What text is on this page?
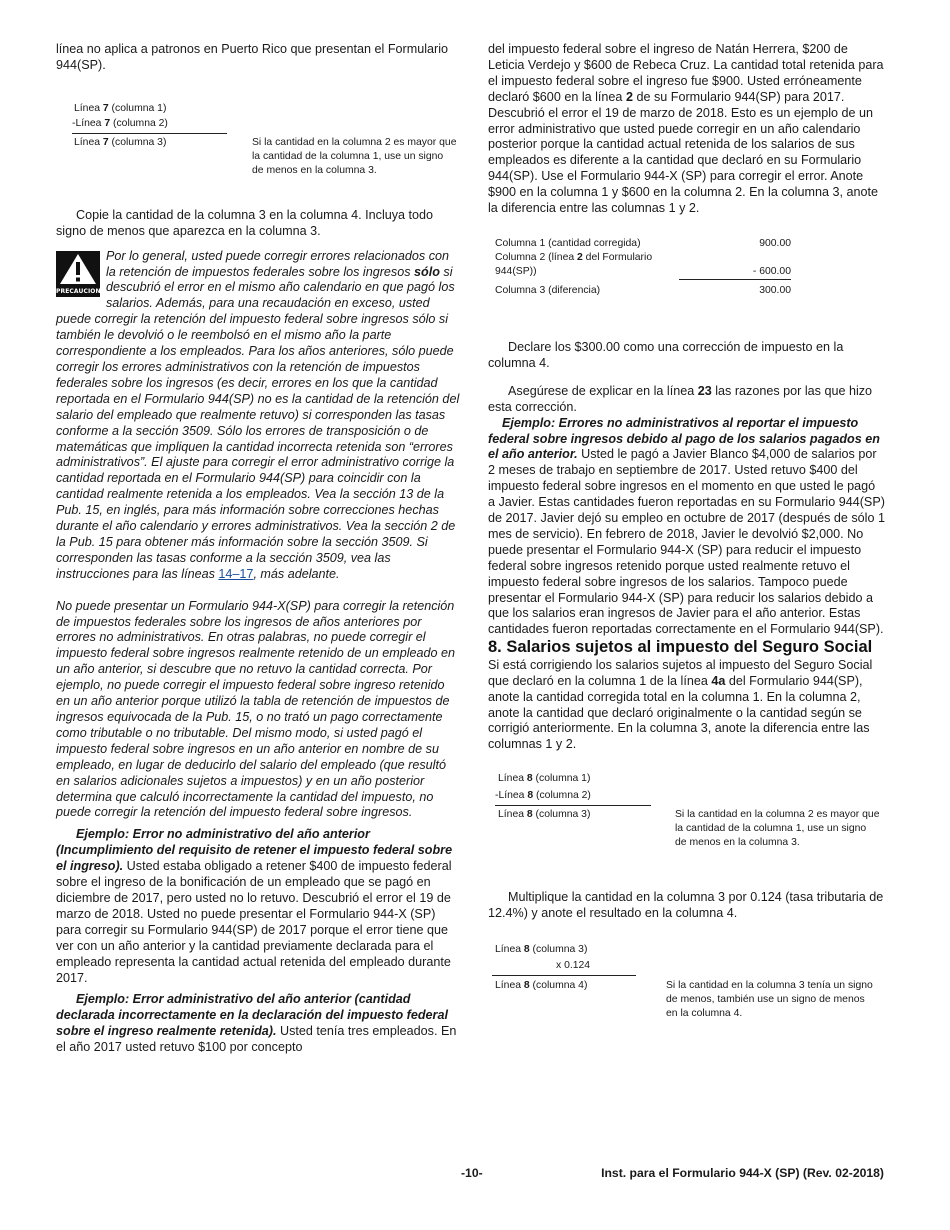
línea no aplica a patronos en Puerto Rico que presentan el Formulario 944(SP).

Línea 7 (columna 1)
-Línea 7 (columna 2)
Línea 7 (columna 3)	Si la cantidad en la columna 2 es mayor que la cantidad de la columna 1, use un signo de menos en la columna 3.

Copie la cantidad de la columna 3 en la columna 4. Incluya todo signo de menos que aparezca en la columna 3.

PRECAUCION

Por lo general, usted puede corregir errores relacionados con la retención de impuestos federales sobre los ingresos sólo si descubrió el error en el mismo año calendario en que pagó los salarios. Además, para una recaudación en exceso, usted puede corregir la retención del impuesto federal sobre ingresos sólo si también le devolvió o le reembolsó en el mismo año la parte correspondiente a los empleados. Para los años anteriores, sólo puede corregir los errores administrativos con la retención de impuestos federales sobre los ingresos (es decir, errores en los que la cantidad reportada en el Formulario 944(SP) no es la cantidad de la retención del salario del empleado que realmente retuvo) si corresponden las tasas conforme a la sección 3509. Sólo los errores de transposición o de matemáticas que impliquen la cantidad incorrecta retenida son “errores administrativos”. El ajuste para corregir el error administrativo corrige la cantidad reportada en el Formulario 944(SP) para coincidir con la cantidad realmente retenida a los empleados. Vea la sección 13 de la Pub. 15, en inglés, para más información sobre correcciones hechas durante el año calendario y errores administrativos. Vea la sección 2 de la Pub. 15 para obtener más información sobre la sección 3509. Si corresponden las tasas conforme a la sección 3509, vea las instrucciones para las líneas 14–17, más adelante.

No puede presentar un Formulario 944-X(SP) para corregir la retención de impuestos federales sobre los ingresos de años anteriores por errores no administrativos. En otras palabras, no puede corregir el impuesto federal sobre ingresos realmente retenido de un empleado en un año anterior, si descubre que no retuvo la cantidad correcta. Por ejemplo, no puede corregir el impuesto federal sobre ingreso retenido en un año anterior porque utilizó la tabla de retención de impuestos de ingresos equivocada de la Pub. 15, o no trató un pago correctamente como tributable o no tributable. Del mismo modo, si usted pagó el impuesto federal sobre ingresos en un año anterior en nombre de su empleado, en lugar de deducirlo del salario del empleado (que resultó en salarios adicionales sujetos a impuestos) y en un año posterior determina que calculó incorrectamente la cantidad del impuesto, no puede corregir la retención del impuesto federal sobre ingresos.

Ejemplo: Error no administrativo del año anterior (Incumplimiento del requisito de retener el impuesto federal sobre el ingreso). Usted estaba obligado a retener $400 de impuesto federal sobre el ingreso de la bonificación de un empleado que se pagó en diciembre de 2017, pero usted no lo retuvo. Descubrió el error el 19 de marzo de 2018. Usted no puede presentar el Formulario 944-X (SP) para corregir su Formulario 944(SP) de 2017 porque el error tiene que ver con un año anterior y la cantidad previamente declarada para el empleado representa la cantidad actual retenida del empleado durante 2017.

Ejemplo: Error administrativo del año anterior (cantidad declarada incorrectamente en la declaración del impuesto federal sobre el ingreso realmente retenida). Usted tenía tres empleados. En el año 2017 usted retuvo $100 por concepto

del impuesto federal sobre el ingreso de Natán Herrera, $200 de Leticia Verdejo y $600 de Rebeca Cruz. La cantidad total retenida para el impuesto federal sobre el ingreso fue $900. Usted erróneamente declaró $600 en la línea 2 de su Formulario 944(SP) para 2017. Descubrió el error el 19 de marzo de 2018. Esto es un ejemplo de un error administrativo que usted puede corregir en un año calendario posterior porque la cantidad actual retenida de los salarios de sus empleados es diferente a la cantidad que declaró en su Formulario 944(SP). Use el Formulario 944-X (SP) para corregir el error. Anote $900 en la columna 1 y $600 en la columna 2. En la columna 3, anote la diferencia entre las columnas 1 y 2.

Columna 1 (cantidad corregida)	900.00
Columna 2 (línea 2 del Formulario
944(SP))	- 600.00
Columna 3 (diferencia)	300.00

Declare los $300.00 como una corrección de impuesto en la columna 4.

Asegúrese de explicar en la línea 23 las razones por las que hizo esta corrección.

Ejemplo: Errores no administrativos al reportar el impuesto federal sobre ingresos debido al pago de los salarios pagados en el año anterior. Usted le pagó a Javier Blanco $4,000 de salarios por 2 meses de trabajo en septiembre de 2017. Usted retuvo $400 del impuesto federal sobre ingresos en el momento en que usted le pagó a Javier. Estas cantidades fueron reportadas en su Formulario 944(SP) de 2017. Javier dejó su empleo en octubre de 2017 (después de sólo 1 mes de servicio). En febrero de 2018, Javier le devolvió $2,000. No puede presentar el Formulario 944-X (SP) para reducir el impuesto federal sobre ingresos retenido porque usted realmente retuvo el impuesto federal sobre ingresos de los salarios. Tampoco puede presentar el Formulario 944-X (SP) para reducir los salarios debido a que los salarios eran ingresos de Javier para el año anterior. Estas cantidades fueron reportadas correctamente en el Formulario 944(SP).

8. Salarios sujetos al impuesto del Seguro Social

Si está corrigiendo los salarios sujetos al impuesto del Seguro Social que declaró en la columna 1 de la línea 4a del Formulario 944(SP), anote la cantidad corregida total en la columna 1. En la columna 2, anote la cantidad que declaró originalmente o la cantidad según se corrigió anteriormente. En la columna 3, anote la diferencia entre las columnas 1 y 2.

Línea 8 (columna 1)
-Línea 8 (columna 2)
Línea 8 (columna 3)	Si la cantidad en la columna 2 es mayor que la cantidad de la columna 1, use un signo de menos en la columna 3.

Multiplique la cantidad en la columna 3 por 0.124 (tasa tributaria de 12.4%) y anote el resultado en la columna 4.

Línea 8 (columna 3)
x 0.124
Línea 8 (columna 4)	Si la cantidad en la columna 3 tenía un signo de menos, también use un signo de menos en la columna 4.
-10-	Inst. para el Formulario 944-X (SP) (Rev. 02-2018)
